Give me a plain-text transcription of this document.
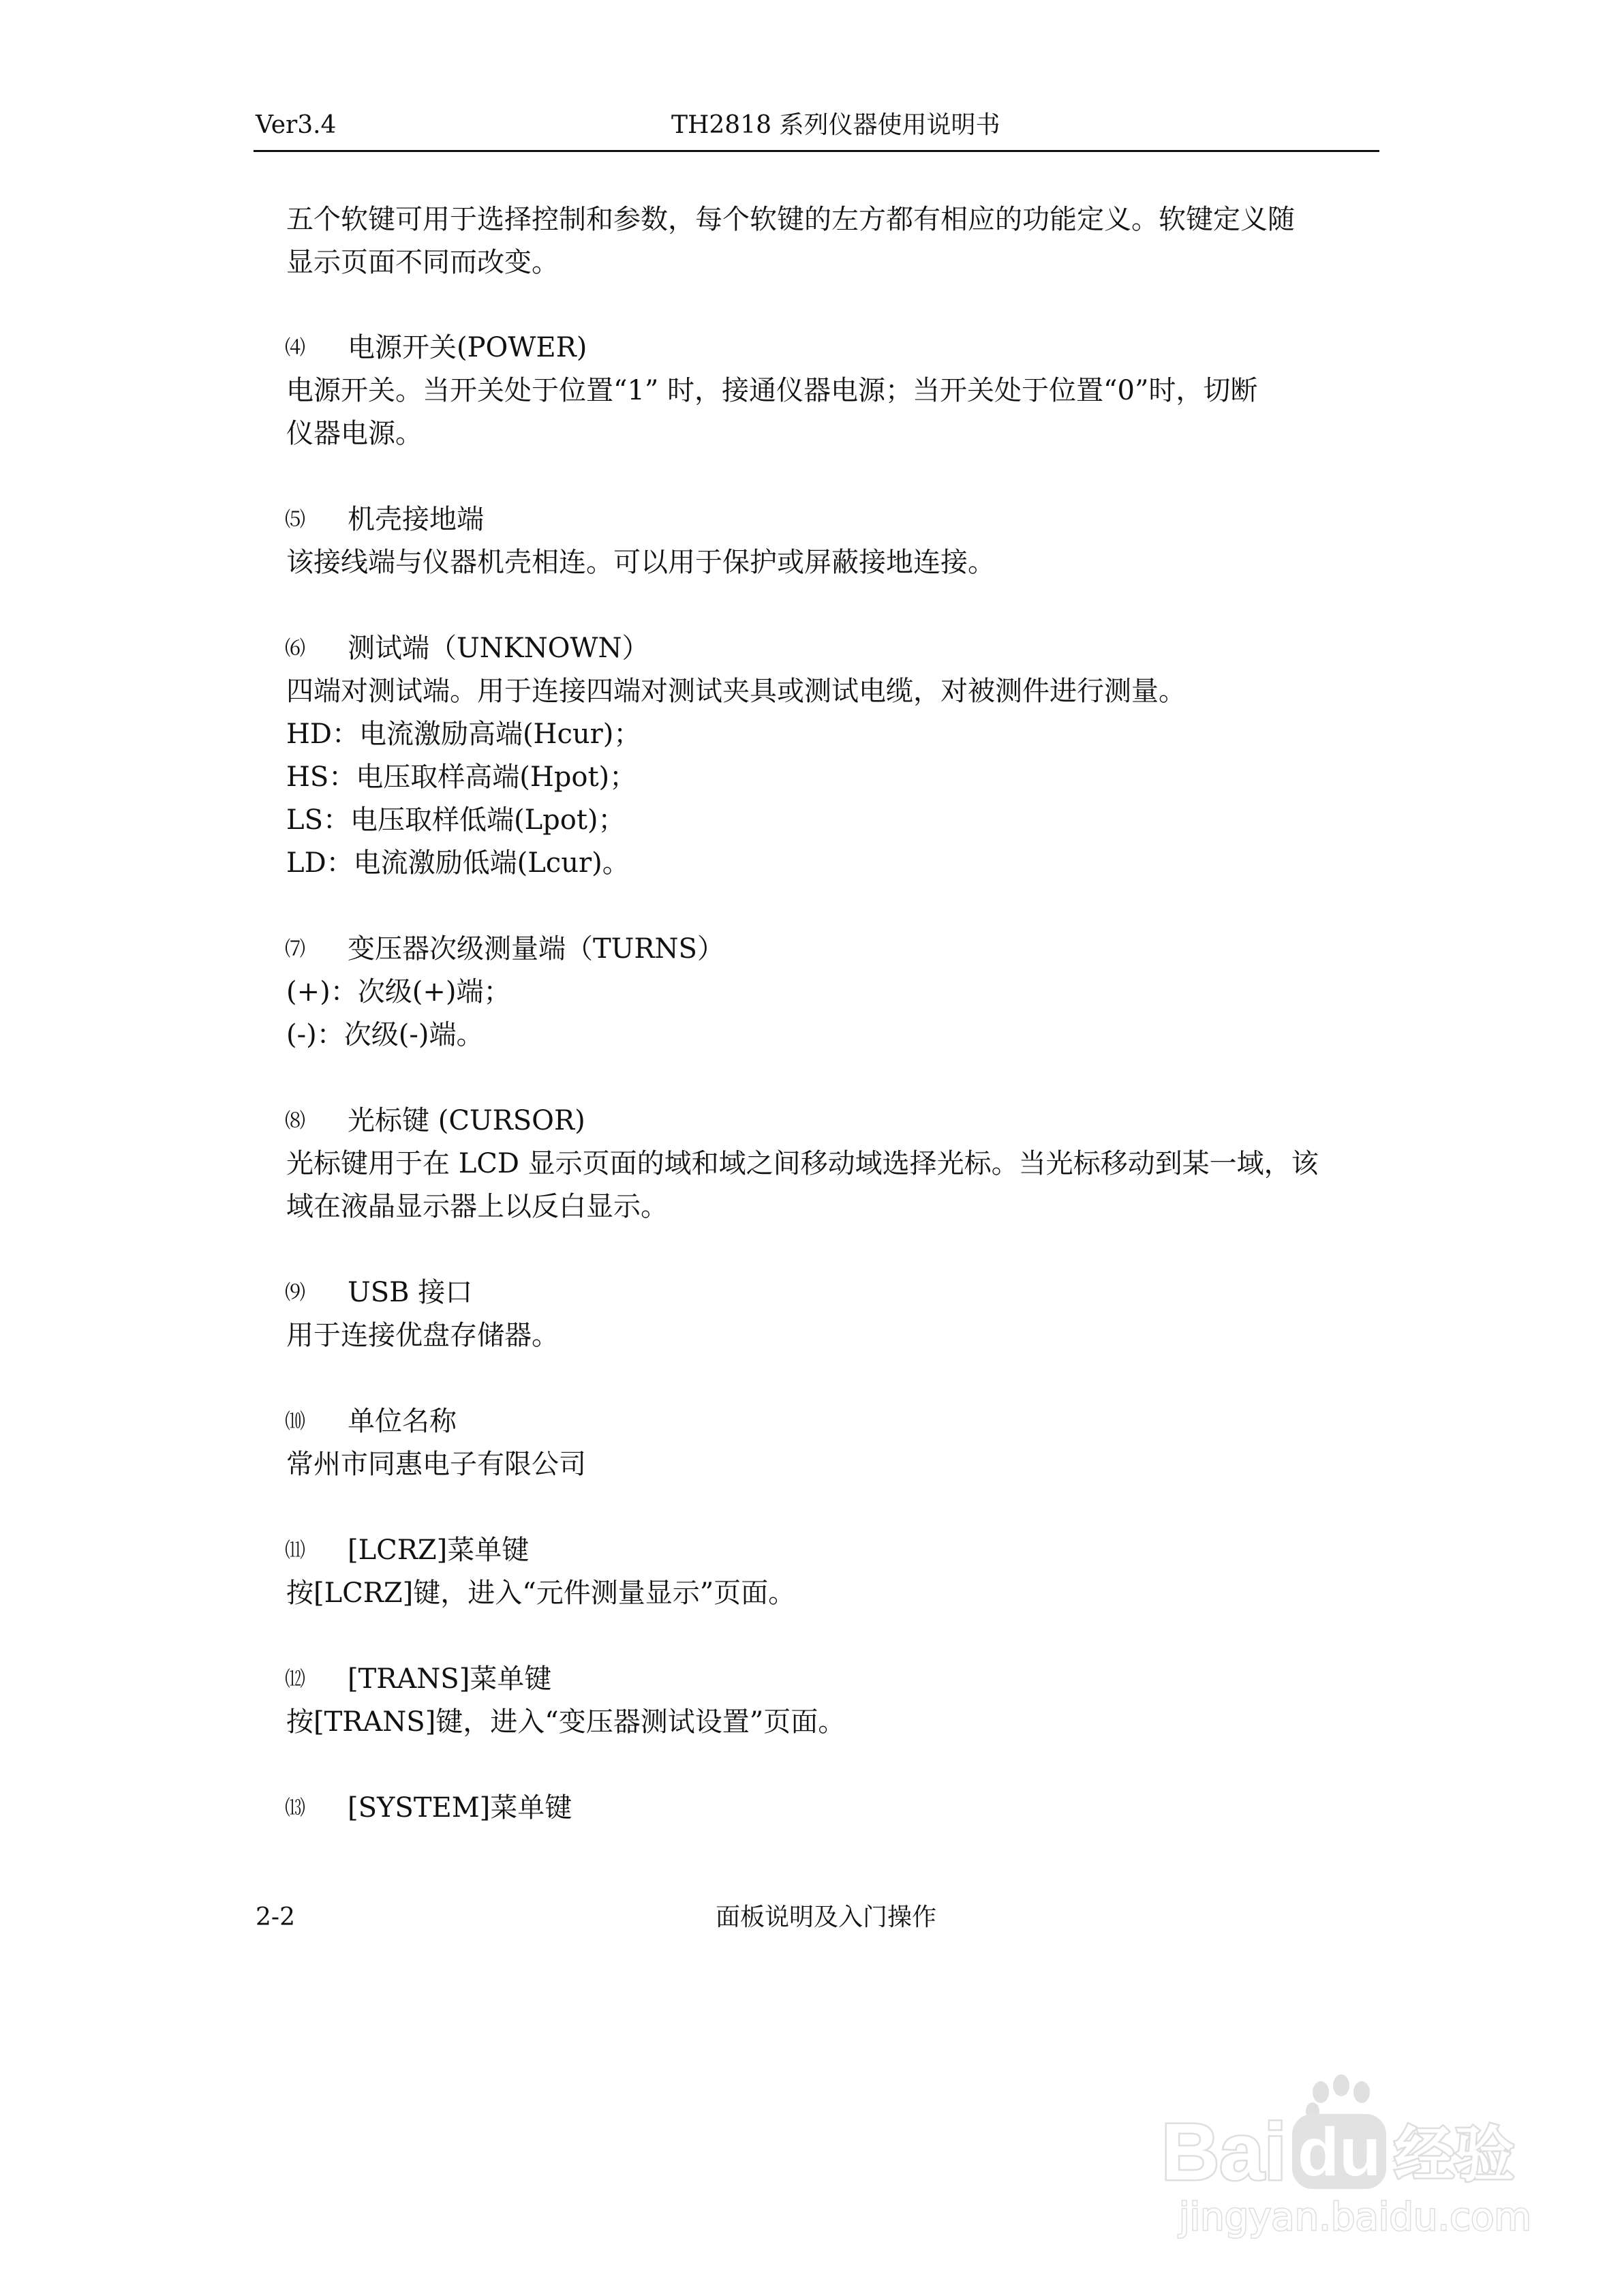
Ver3.4	TH2818 系列仪器使用说明书
五个软键可用于选择控制和参数，每个软键的左方都有相应的功能定义。软键定义随
显示页面不同而改变。
⑷ 电源开关(POWER)
电源开关。当开关处于位置“1” 时，接通仪器电源；当开关处于位置“0”时，切断
仪器电源。
⑸ 机壳接地端
该接线端与仪器机壳相连。可以用于保护或屏蔽接地连接。
⑹ 测试端（UNKNOWN）
四端对测试端。用于连接四端对测试夹具或测试电缆，对被测件进行测量。
HD：电流激励高端(Hcur)；
HS：电压取样高端(Hpot)；
LS：电压取样低端(Lpot)；
LD：电流激励低端(Lcur)。
⑺ 变压器次级测量端（TURNS）
(+)：次级(+)端；
(-)：次级(-)端。
⑻ 光标键 (CURSOR)
光标键用于在 LCD 显示页面的域和域之间移动域选择光标。当光标移动到某一域，该
域在液晶显示器上以反白显示。
⑼ USB 接口
用于连接优盘存储器。
⑽ 单位名称
常州市同惠电子有限公司
⑾ [LCRZ]菜单键
按[LCRZ]键，进入“元件测量显示”页面。
⑿ [TRANS]菜单键
按[TRANS]键，进入“变压器测试设置”页面。
⒀ [SYSTEM]菜单键
2-2	面板说明及入门操作
Bai du 经验
jingyan.baidu.com
